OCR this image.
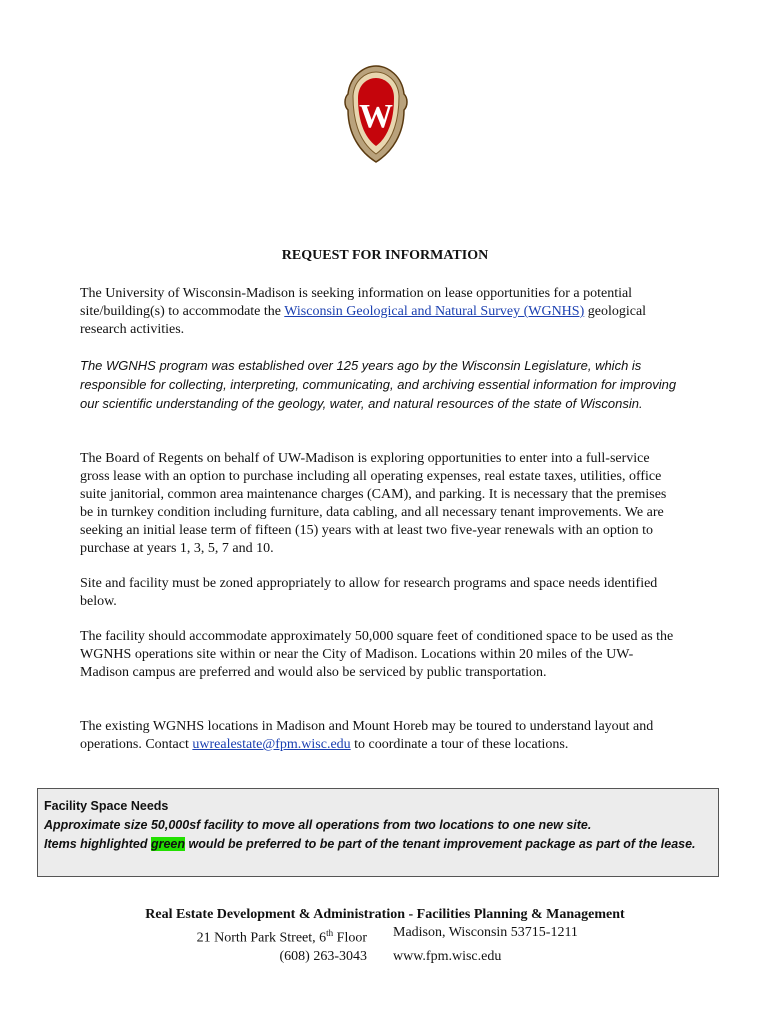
W
REQUEST FOR INFORMATION
The University of Wisconsin-Madison is seeking information on lease opportunities for a potential site/building(s) to accommodate the Wisconsin Geological and Natural Survey (WGNHS) geological research activities.
The WGNHS program was established over 125 years ago by the Wisconsin Legislature, which is responsible for collecting, interpreting, communicating, and archiving essential information for improving our scientific understanding of the geology, water, and natural resources of the state of Wisconsin.
The Board of Regents on behalf of UW-Madison is exploring opportunities to enter into a full-service gross lease with an option to purchase including all operating expenses, real estate taxes, utilities, office suite janitorial, common area maintenance charges (CAM), and parking. It is necessary that the premises be in turnkey condition including furniture, data cabling, and all necessary tenant improvements. We are seeking an initial lease term of fifteen (15) years with at least two five-year renewals with an option to purchase at years 1, 3, 5, 7 and 10.
Site and facility must be zoned appropriately to allow for research programs and space needs identified below.
The facility should accommodate approximately 50,000 square feet of conditioned space to be used as the WGNHS operations site within or near the City of Madison. Locations within 20 miles of the UW-Madison campus are preferred and would also be serviced by public transportation.
The existing WGNHS locations in Madison and Mount Horeb may be toured to understand layout and operations. Contact uwrealestate@fpm.wisc.edu to coordinate a tour of these locations.
Facility Space Needs
Approximate size 50,000sf facility to move all operations from two locations to one new site.
Items highlighted green would be preferred to be part of the tenant improvement package as part of the lease.
Real Estate Development & Administration - Facilities Planning & Management
21 North Park Street, 6th Floor	Madison, Wisconsin 53715-1211
(608) 263-3043	www.fpm.wisc.edu
